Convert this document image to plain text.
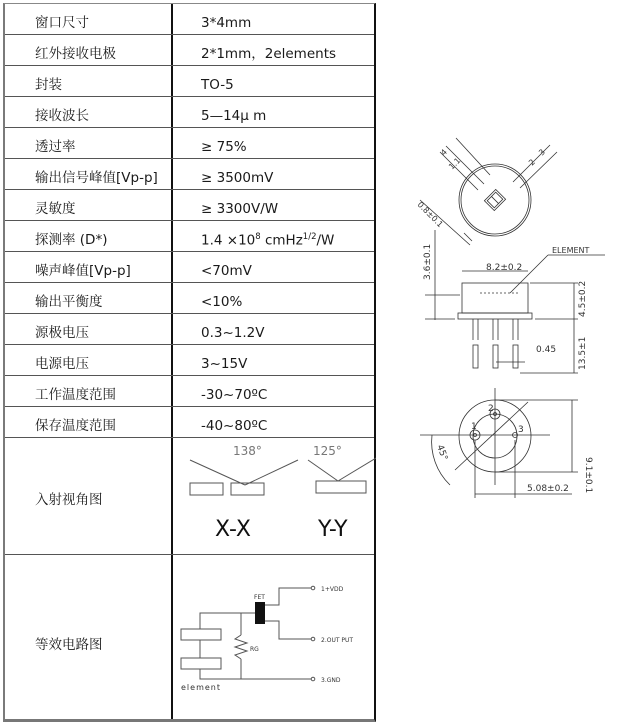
窗口尺寸	3*4mm
红外接收电极	2*1mm，2elements
封装	TO-5
接收波长	5—14μ m
透过率	≥ 75%
输出信号峰值[Vp-p]	≥ 3500mV
灵敏度	≥ 3300V/W
探测率 (D*)	$1.4 \times 10^8$ cmHz$^{1/2}$/W
噪声峰值[Vp-p]	<70mV
输出平衡度	<10%
源极电压	0.3~1.2V
电源电压	3~15V
工作温度范围	-30~70ºC
保存温度范围	-40~80ºC
入射视角图
138°	125°
X-X	Y-Y
等效电路图
FET
RG
1+VDD
2.OUT PUT
3.GND
element
4
1.1	2
3
0.8±0.1
8.2±0.2
ELEMENT
4.5±0.2
13.5±1
3.6±0.1
0.45
2
1	3
45°
9.1±0.1
5.08±0.2
